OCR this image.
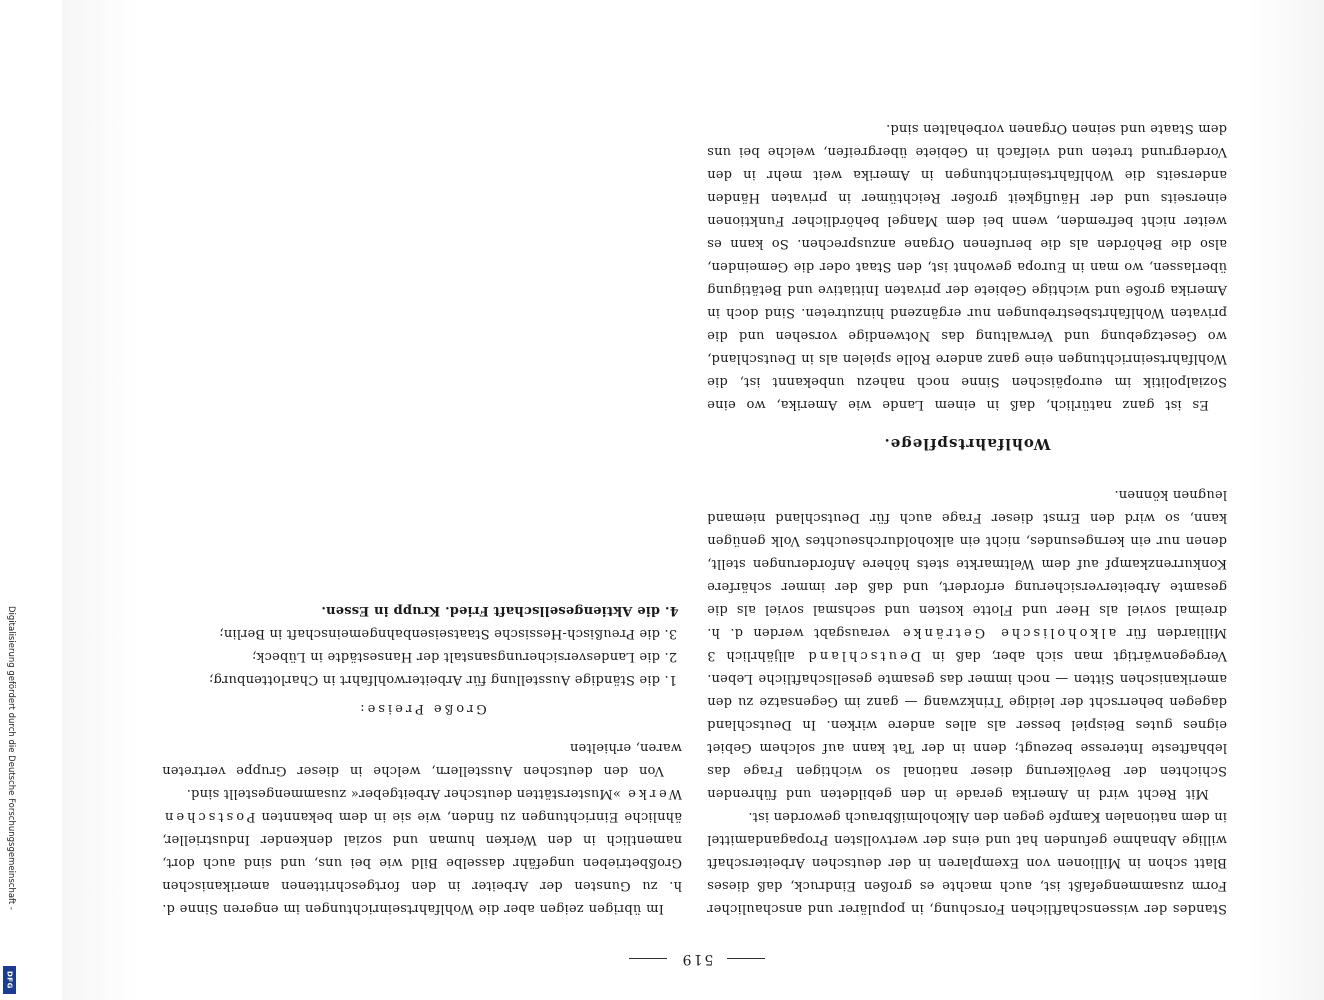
Digitalisierung gefördert durch die Deutsche Forschungsgemeinschaft -
DFG
519

Standes der wissenschaftlichen Forschung, in populärer und anschaulicher Form zusammengefaßt ist, auch machte es großen Eindruck, daß dieses Blatt schon in Millionen von Exemplaren in der deutschen Arbeiterschaft willige Abnahme gefunden hat und eins der wertvollsten Propagandamittel in dem nationalen Kampfe gegen den Alkoholmißbrauch geworden ist.

Mit Recht wird in Amerika gerade in den gebildeten und führenden Schichten der Bevölkerung dieser national so wichtigen Frage das lebhafteste Interesse bezeugt; denn in der Tat kann auf solchem Gebiet eignes gutes Beispiel besser als alles andere wirken. In Deutschland dagegen beherrscht der leidige Trinkzwang — ganz im Gegensatze zu den amerikanischen Sitten — noch immer das gesamte gesellschaftliche Leben. Vergegenwärtigt man sich aber, daß in Deutschland alljährlich 3 Milliarden für alkoholische Getränke verausgabt werden d. h. dreimal soviel als Heer und Flotte kosten und sechsmal soviel als die gesamte Arbeiterversicherung erfordert, und daß der immer schärfere Konkurrenzkampf auf dem Weltmarkte stets höhere Anforderungen stellt, denen nur ein kerngesundes, nicht ein alkoholdurchseuchtes Volk genügen kann, so wird den Ernst dieser Frage auch für Deutschland niemand leugnen können.

Wohlfahrtspflege.

Es ist ganz natürlich, daß in einem Lande wie Amerika, wo eine Sozialpolitik im europäischen Sinne noch nahezu unbekannt ist, die Wohlfahrtseinrichtungen eine ganz andere Rolle spielen als in Deutschland, wo Gesetzgebung und Verwaltung das Notwendige vorsehen und die privaten Wohlfahrtsbestrebungen nur ergänzend hinzutreten. Sind doch in Amerika große und wichtige Gebiete der privaten Initiative und Betätigung überlassen, wo man in Europa gewohnt ist, den Staat oder die Gemeinden, also die Behörden als die berufenen Organe anzusprechen. So kann es weiter nicht befremden, wenn bei dem Mangel behördlicher Funktionen einerseits und der Häufigkeit großer Reichtümer in privaten Händen anderseits die Wohlfahrtseinrichtungen in Amerika weit mehr in den Vordergrund treten und vielfach in Gebiete übergreifen, welche bei uns dem Staate und seinen Organen vorbehalten sind.

Im übrigen zeigen aber die Wohlfahrtseinrichtungen im engeren Sinne d. h. zu Gunsten der Arbeiter in den fortgeschrittenen amerikanischen Großbetrieben ungefähr dasselbe Bild wie bei uns, und sind auch dort, namentlich in den Werken human und sozial denkender Industrieller, ähnliche Einrichtungen zu finden, wie sie in dem bekannten Postschen Werke »Musterstätten deutscher Arbeitgeber« zusammengestellt sind.

Von den deutschen Ausstellern, welche in dieser Gruppe vertreten waren, erhielten

Große Preise:
1. die Ständige Ausstellung für Arbeiterwohlfahrt in Charlottenburg;
2. die Landesversicherungsanstalt der Hansestädte in Lübeck;
3. die Preußisch-Hessische Staatseisenbahngemeinschaft in Berlin;
4. die Aktiengesellschaft Fried. Krupp in Essen.
